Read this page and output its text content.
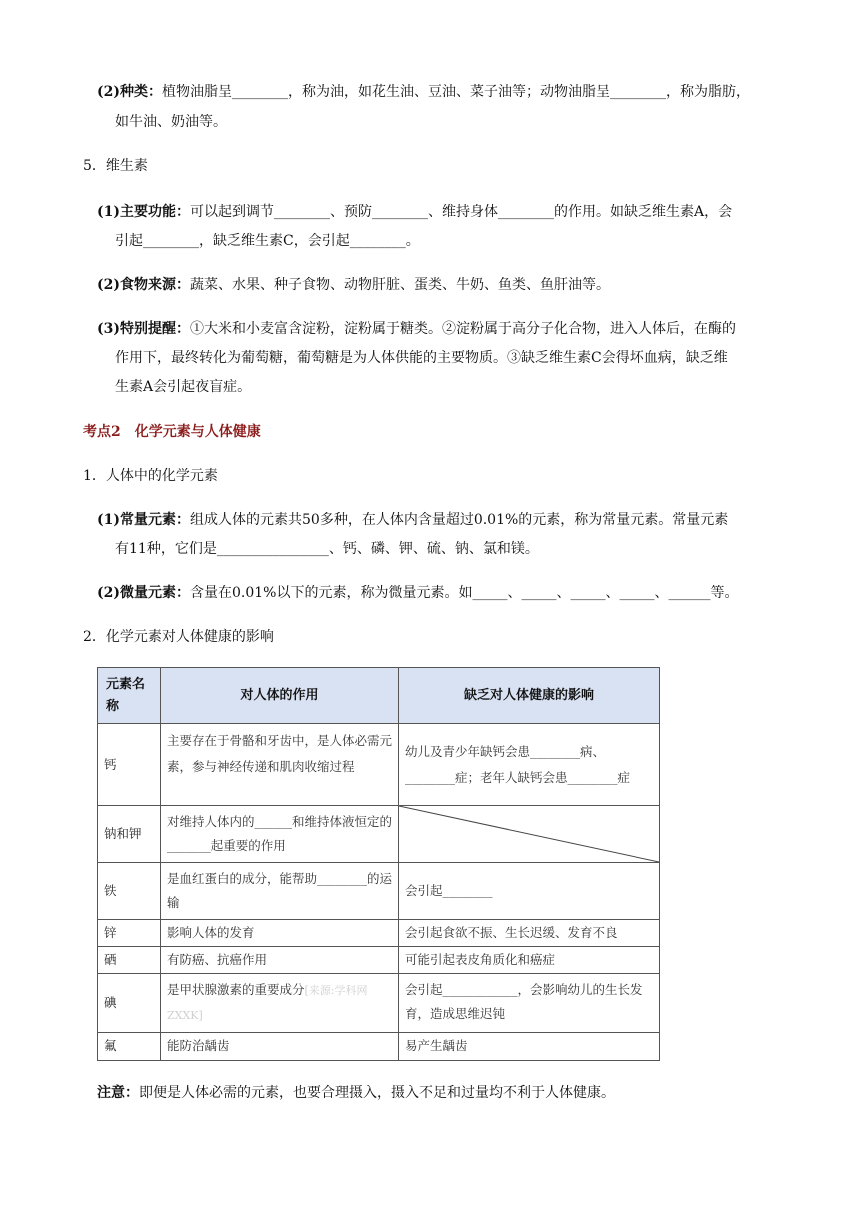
(2)种类：植物油脂呈________，称为油，如花生油、豆油、菜子油等；动物油脂呈________，称为脂肪，
如牛油、奶油等。
5．维生素
(1)主要功能：可以起到调节________、预防________、维持身体________的作用。如缺乏维生素A，会
引起________，缺乏维生素C，会引起________。
(2)食物来源：蔬菜、水果、种子食物、动物肝脏、蛋类、牛奶、鱼类、鱼肝油等。
(3)特别提醒：①大米和小麦富含淀粉，淀粉属于糖类。②淀粉属于高分子化合物，进入人体后，在酶的
作用下，最终转化为葡萄糖，葡萄糖是为人体供能的主要物质。③缺乏维生素C会得坏血病，缺乏维
生素A会引起夜盲症。
考点2　化学元素与人体健康
1．人体中的化学元素
(1)常量元素：组成人体的元素共50多种，在人体内含量超过0.01%的元素，称为常量元素。常量元素
有11种，它们是________________、钙、磷、钾、硫、钠、氯和镁。
(2)微量元素：含量在0.01%以下的元素，称为微量元素。如_____、_____、_____、_____、______等。
2．化学元素对人体健康的影响
元素名称	对人体的作用	缺乏对人体健康的影响
钙	主要存在于骨骼和牙齿中，是人体必需元素，参与神经传递和肌肉收缩过程	幼儿及青少年缺钙会患________病、________症；老年人缺钙会患________症
钠和钾	对维持人体内的______和维持体液恒定的_______起重要的作用	

铁	是血红蛋白的成分，能帮助________的运输	会引起________
锌	影响人体的发育	会引起食欲不振、生长迟缓、发育不良
硒	有防癌、抗癌作用	可能引起表皮角质化和癌症
碘	是甲状腺激素的重要成分[来源:学科网ZXXK]	会引起____________，会影响幼儿的生长发育，造成思维迟钝
氟	能防治龋齿	易产生龋齿
注意：即便是人体必需的元素，也要合理摄入，摄入不足和过量均不利于人体健康。
